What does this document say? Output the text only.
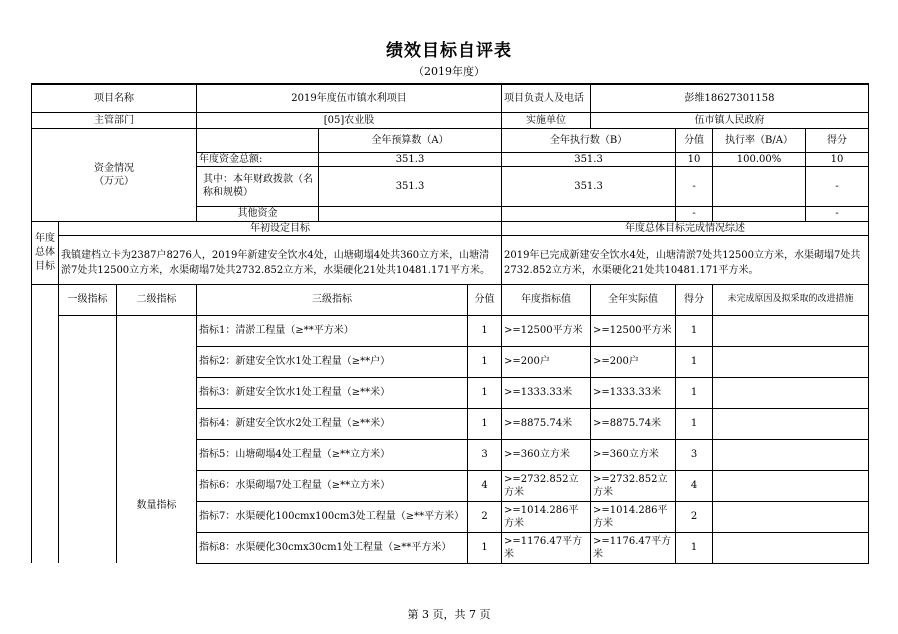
绩效目标自评表
（2019年度）
项目名称			2019年度伍市镇水利项目			项目负责人及电话	彭维18627301158			
主管部门			[05]农业股			实施单位	伍市镇人民政府			

资金情况
（万元）				全年预算数（A）		全年执行数（B）		分值	执行率（B/A）	得分
			年度资金总额:	351.3		351.3		10	100.00%	10
			其中：本年财政拨款（名称和规模）	351.3		351.3		-		-
			其他资金					-		-
年度总体目标	年初设定目标					年度总体目标完成情况综述				
	我镇建档立卡为2387户8276人，2019年新建安全饮水4处，山塘砌塌4处共360立方米，山塘清淤7处共12500立方米，水渠砌塌7处共2732.852立方米，水渠硬化21处共10481.171平方米。					2019年已完成新建安全饮水4处，山塘清淤7处共12500立方米，水渠砌塌7处共2732.852立方米，水渠硬化21处共10481.171平方米。				
	一级指标	二级指标	三级指标		分值	年度指标值	全年实际值	得分	未完成原因及拟采取的改进措施	
		数量指标	指标1：清淤工程量（≥**平方米）		1	>=12500平方米	>=12500平方米	1		
			指标2：新建安全饮水1处工程量（≥**户）		1	>=200户	>=200户	1		
			指标3：新建安全饮水1处工程量（≥**米）		1	>=1333.33米	>=1333.33米	1		
			指标4：新建安全饮水2处工程量（≥**米）		1	>=8875.74米	>=8875.74米	1		
			指标5：山塘砌塌4处工程量（≥**立方米）		3	>=360立方米	>=360立方米	3		
			指标6：水渠砌塌7处工程量（≥**立方米）		4	>=2732.852立方米	>=2732.852立方米	4		
			指标7：水渠硬化100cmx100cm3处工程量（≥**平方米）		2	>=1014.286平方米	>=1014.286平方米	2		
			指标8：水渠硬化30cmx30cm1处工程量（≥**平方米）		1	>=1176.47平方米	>=1176.47平方米	1		
第 3 页，共 7 页
